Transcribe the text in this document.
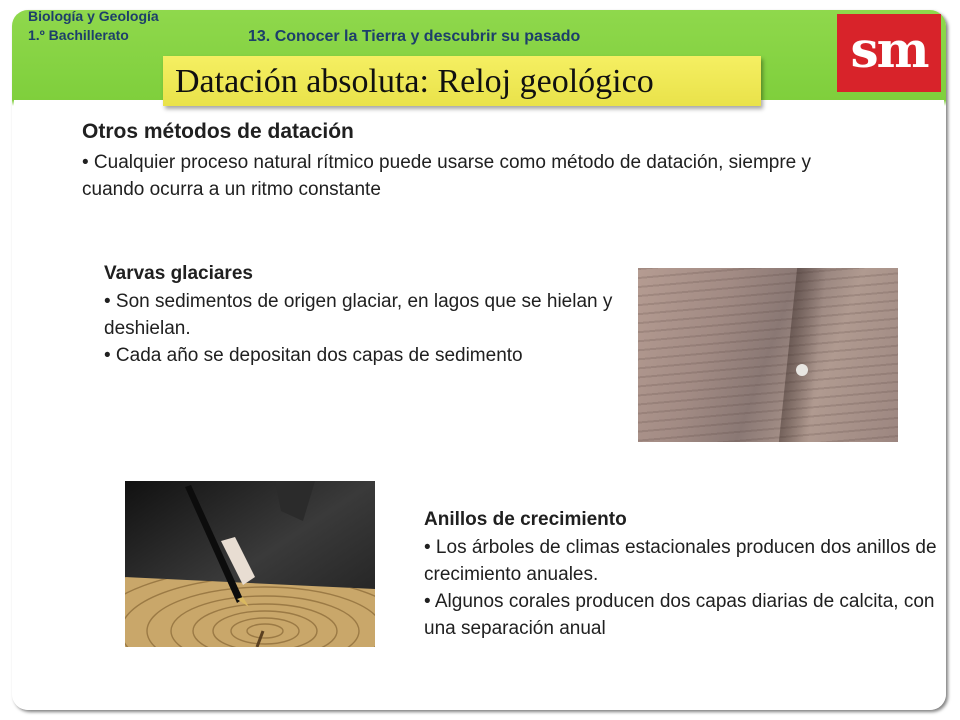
Biología y Geología
1.º Bachillerato	13. Conocer la Tierra y descubrir su pasado	sm
Datación absoluta: Reloj geológico
Otros métodos de datación
• Cualquier proceso natural rítmico puede usarse como método de datación, siempre y cuando ocurra a un ritmo constante
Varvas glaciares

• Son sedimentos de origen glaciar, en lagos que se hielan y deshielan.

• Cada año se depositan dos capas de sedimento

Anillos de crecimiento

• Los árboles de climas estacionales producen dos anillos de crecimiento anuales.

• Algunos corales producen dos capas diarias de calcita, con una separación anual
